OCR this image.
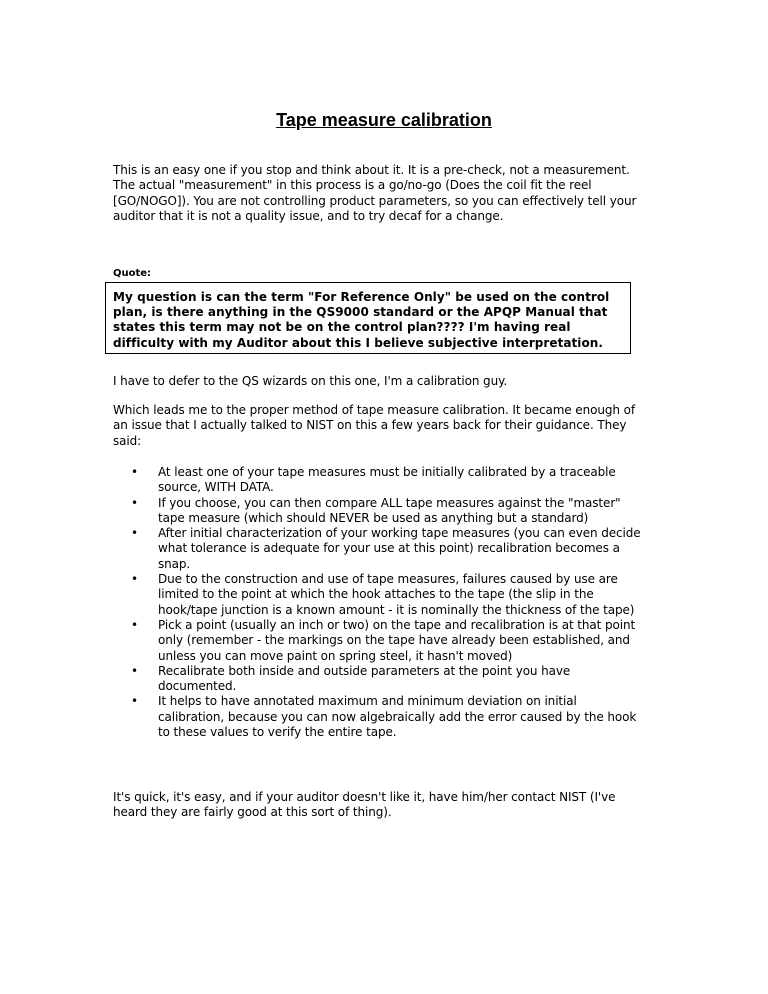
Tape measure calibration

This is an easy one if you stop and think about it. It is a pre-check, not a measurement. The actual "measurement" in this process is a go/no-go (Does the coil fit the reel [GO/NOGO]). You are not controlling product parameters, so you can effectively tell your auditor that it is not a quality issue, and to try decaf for a change.

Quote:

My question is can the term "For Reference Only" be used on the control plan, is there anything in the QS9000 standard or the APQP Manual that states this term may not be on the control plan???? I'm having real difficulty with my Auditor about this I believe subjective interpretation.

I have to defer to the QS wizards on this one, I'm a calibration guy.

Which leads me to the proper method of tape measure calibration. It became enough of an issue that I actually talked to NIST on this a few years back for their guidance. They said:

• At least one of your tape measures must be initially calibrated by a traceable source, WITH DATA.
• If you choose, you can then compare ALL tape measures against the "master" tape measure (which should NEVER be used as anything but a standard)
• After initial characterization of your working tape measures (you can even decide what tolerance is adequate for your use at this point) recalibration becomes a snap.
• Due to the construction and use of tape measures, failures caused by use are limited to the point at which the hook attaches to the tape (the slip in the hook/tape junction is a known amount - it is nominally the thickness of the tape)
• Pick a point (usually an inch or two) on the tape and recalibration is at that point only (remember - the markings on the tape have already been established, and unless you can move paint on spring steel, it hasn't moved)
• Recalibrate both inside and outside parameters at the point you have documented.
• It helps to have annotated maximum and minimum deviation on initial calibration, because you can now algebraically add the error caused by the hook to these values to verify the entire tape.

It's quick, it's easy, and if your auditor doesn't like it, have him/her contact NIST (I've heard they are fairly good at this sort of thing).
